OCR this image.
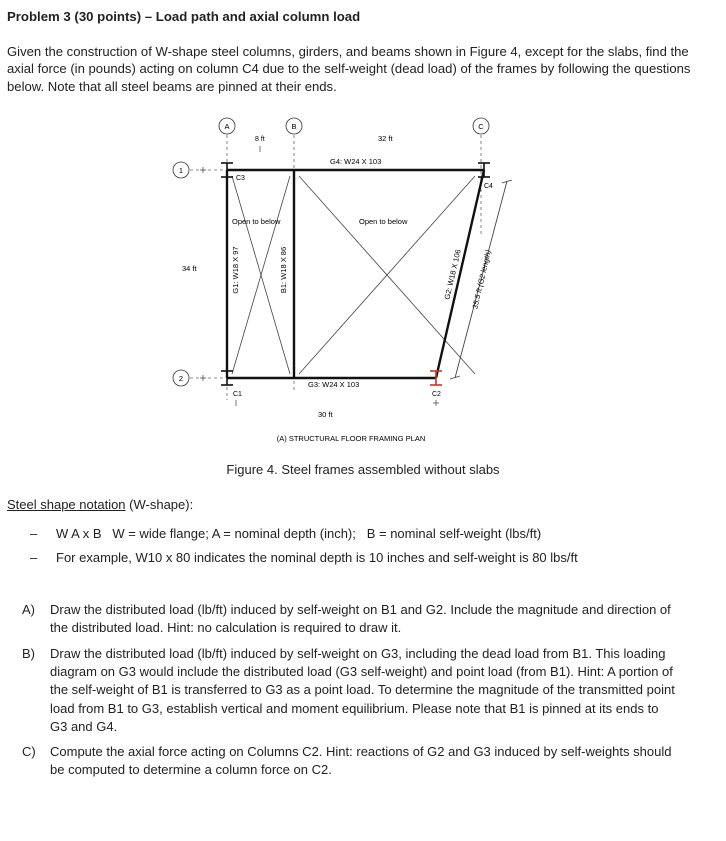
Problem 3 (30 points) – Load path and axial column load
Given the construction of W-shape steel columns, girders, and beams shown in Figure 4, except for the slabs, find the axial force (in pounds) acting on column C4 due to the self-weight (dead load) of the frames by following the questions below. Note that all steel beams are pinned at their ends.
A	B	C
1
2
8 ft	32 ft
G4: W24 X 103
C3
C4
Open to below	Open to below
34 ft	G1: W18 X 97	B1: W18 X 86	G2: W18 X 106 35.5 ft (G2 length)
G3: W24 X 103
C1	C2
30 ft
(A) STRUCTURAL FLOOR FRAMING PLAN
Figure 4. Steel frames assembled without slabs
Steel shape notation (W-shape):
– W A x B   W = wide flange; A = nominal depth (inch);   B = nominal self-weight (lbs/ft)
– For example, W10 x 80 indicates the nominal depth is 10 inches and self-weight is 80 lbs/ft
A) Draw the distributed load (lb/ft) induced by self-weight on B1 and G2. Include the magnitude and direction of the distributed load. Hint: no calculation is required to draw it.
B) Draw the distributed load (lb/ft) induced by self-weight on G3, including the dead load from B1. This loading diagram on G3 would include the distributed load (G3 self-weight) and point load (from B1). Hint: A portion of the self-weight of B1 is transferred to G3 as a point load. To determine the magnitude of the transmitted point load from B1 to G3, establish vertical and moment equilibrium. Please note that B1 is pinned at its ends to G3 and G4.
C) Compute the axial force acting on Columns C2. Hint: reactions of G2 and G3 induced by self-weights should be computed to determine a column force on C2.
